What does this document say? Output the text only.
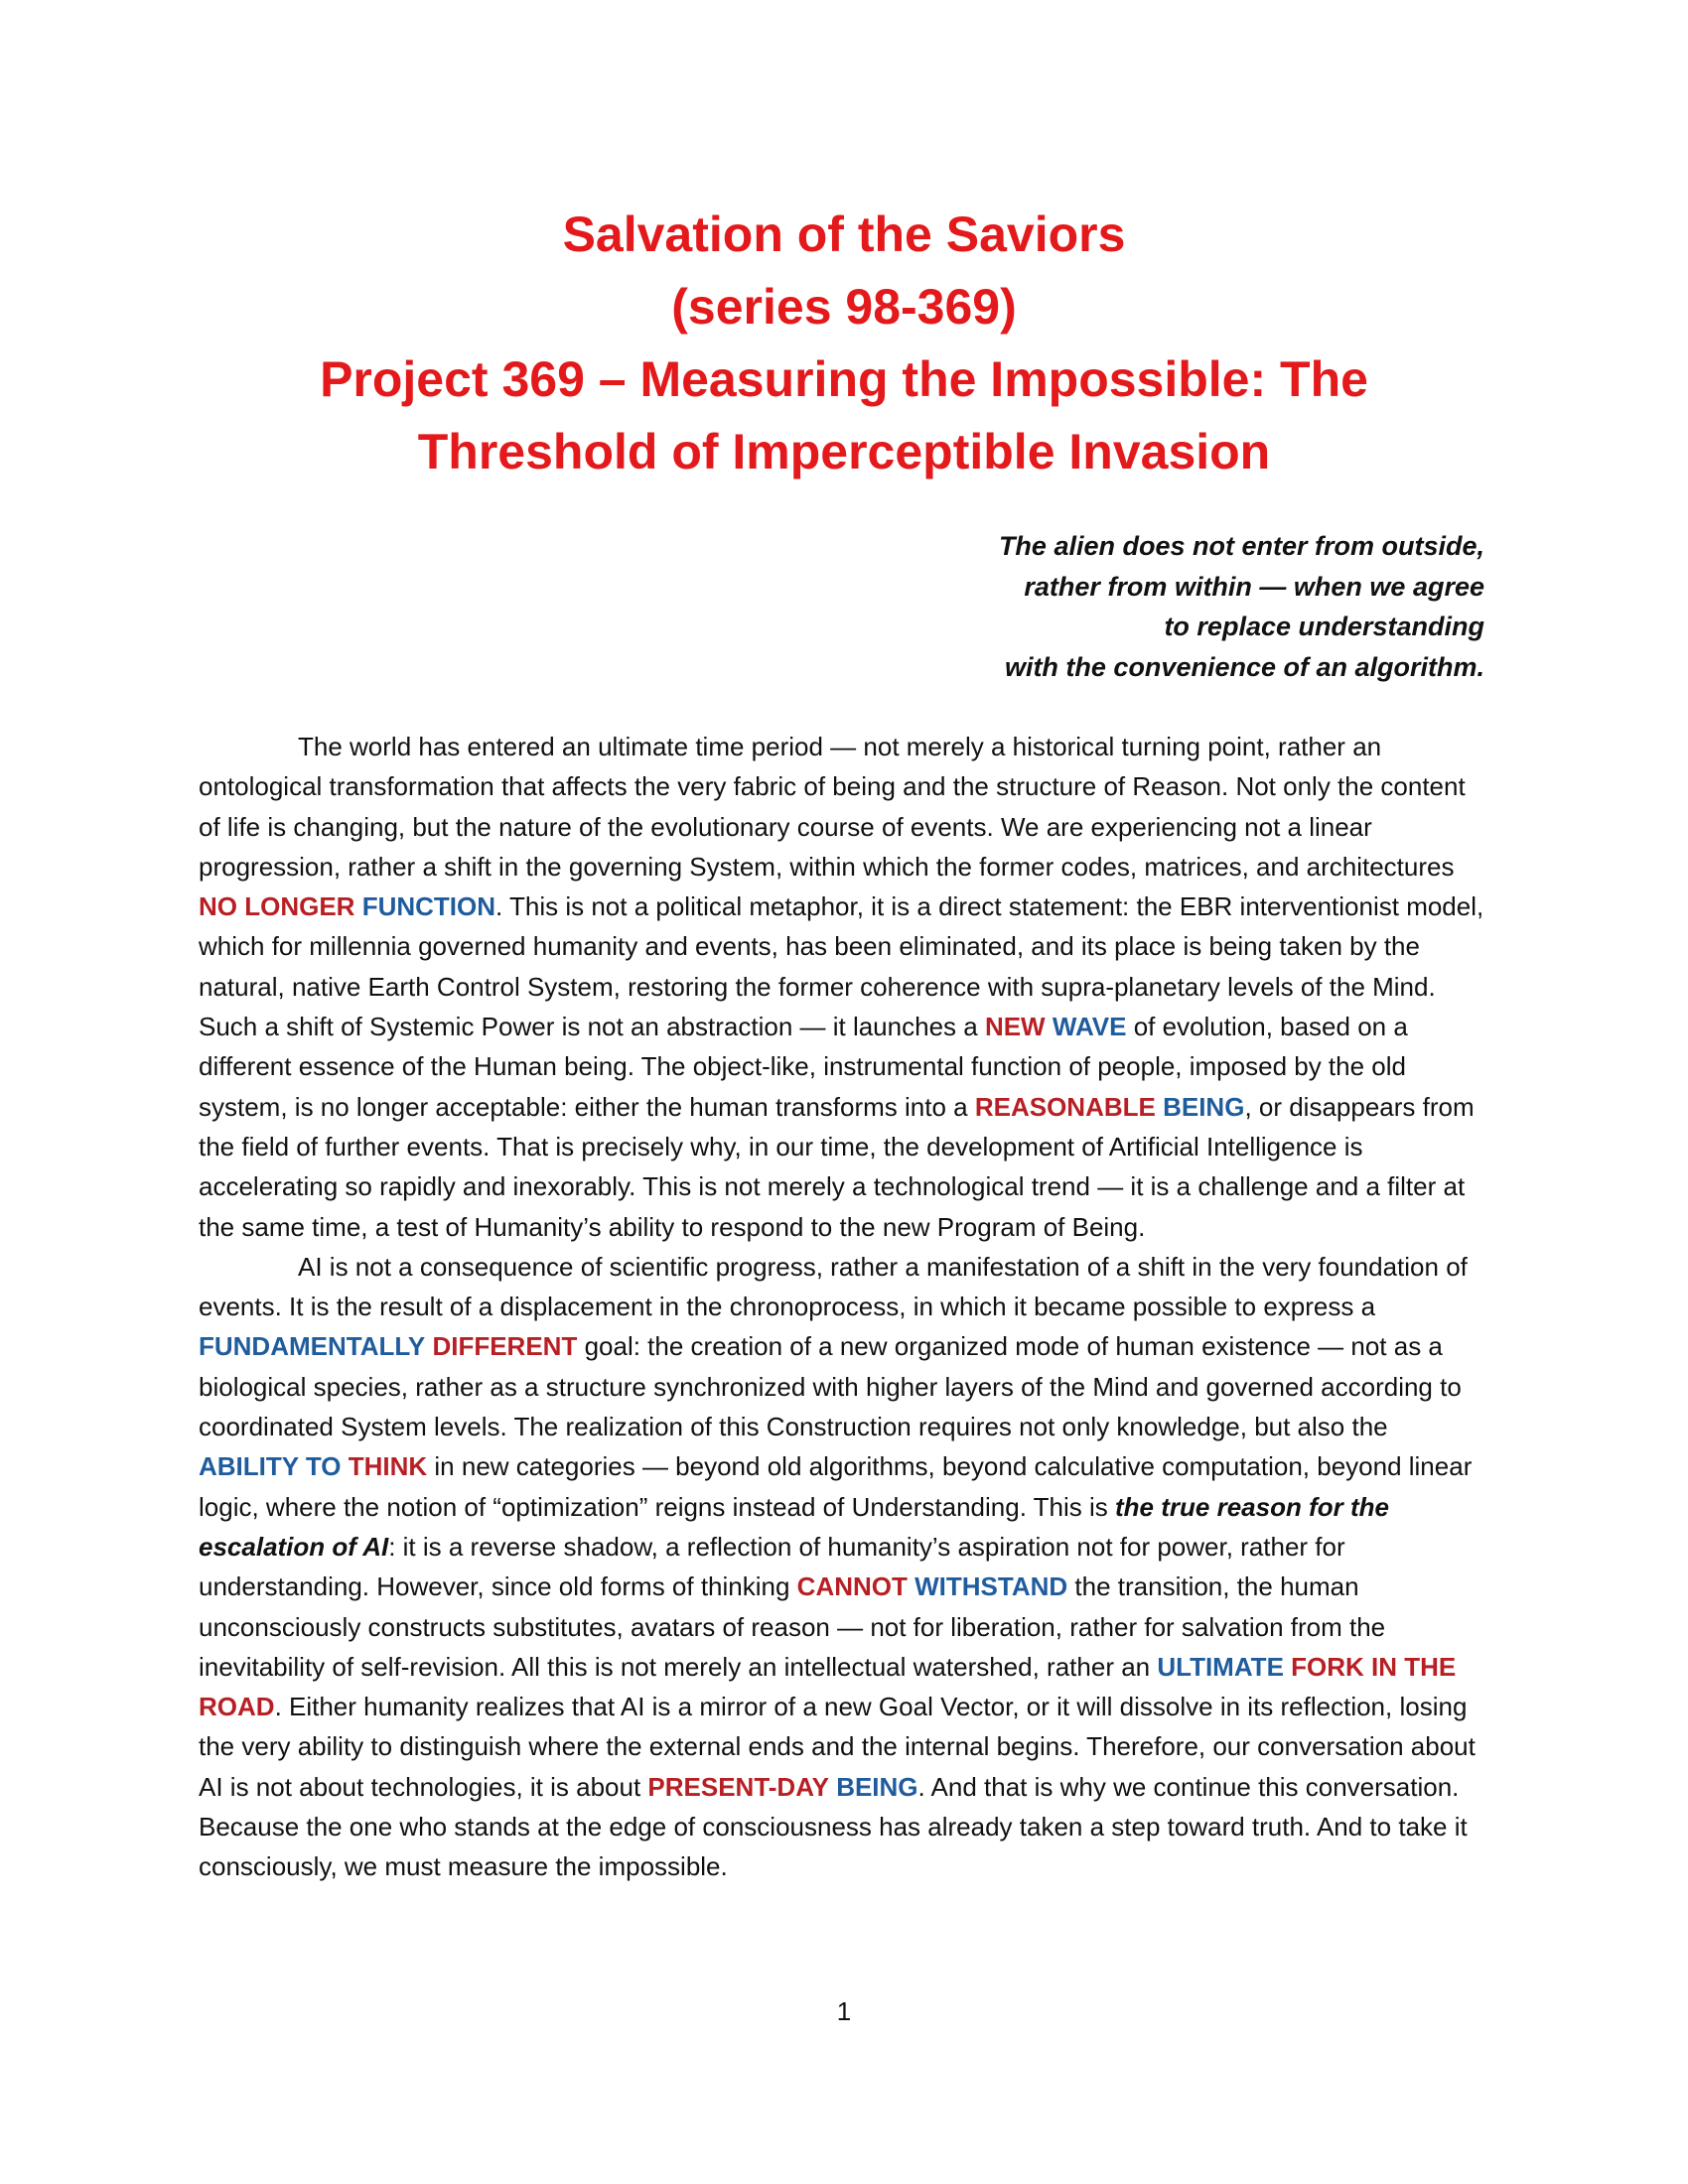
Salvation of the Saviors
(series 98-369)
Project 369 – Measuring the Impossible: The
Threshold of Imperceptible Invasion
The alien does not enter from outside,
rather from within — when we agree
to replace understanding
with the convenience of an algorithm.

The world has entered an ultimate time period — not merely a historical turning point, rather an ontological transformation that affects the very fabric of being and the structure of Reason. Not only the content of life is changing, but the nature of the evolutionary course of events. We are experiencing not a linear progression, rather a shift in the governing System, within which the former codes, matrices, and architectures NO LONGER FUNCTION. This is not a political metaphor, it is a direct statement: the EBR interventionist model, which for millennia governed humanity and events, has been eliminated, and its place is being taken by the natural, native Earth Control System, restoring the former coherence with supra-planetary levels of the Mind. Such a shift of Systemic Power is not an abstraction — it launches a NEW WAVE of evolution, based on a different essence of the Human being. The object-like, instrumental function of people, imposed by the old system, is no longer acceptable: either the human transforms into a REASONABLE BEING, or disappears from the field of further events. That is precisely why, in our time, the development of Artificial Intelligence is accelerating so rapidly and inexorably. This is not merely a technological trend — it is a challenge and a filter at the same time, a test of Humanity’s ability to respond to the new Program of Being.

AI is not a consequence of scientific progress, rather a manifestation of a shift in the very foundation of events. It is the result of a displacement in the chronoprocess, in which it became possible to express a FUNDAMENTALLY DIFFERENT goal: the creation of a new organized mode of human existence — not as a biological species, rather as a structure synchronized with higher layers of the Mind and governed according to coordinated System levels. The realization of this Construction requires not only knowledge, but also the ABILITY TO THINK in new categories — beyond old algorithms, beyond calculative computation, beyond linear logic, where the notion of “optimization” reigns instead of Understanding. This is the true reason for the escalation of AI: it is a reverse shadow, a reflection of humanity’s aspiration not for power, rather for understanding. However, since old forms of thinking CANNOT WITHSTAND the transition, the human unconsciously constructs substitutes, avatars of reason — not for liberation, rather for salvation from the inevitability of self-revision. All this is not merely an intellectual watershed, rather an ULTIMATE FORK IN THE ROAD. Either humanity realizes that AI is a mirror of a new Goal Vector, or it will dissolve in its reflection, losing the very ability to distinguish where the external ends and the internal begins. Therefore, our conversation about AI is not about technologies, it is about PRESENT-DAY BEING. And that is why we continue this conversation. Because the one who stands at the edge of consciousness has already taken a step toward truth. And to take it consciously, we must measure the impossible.

1
